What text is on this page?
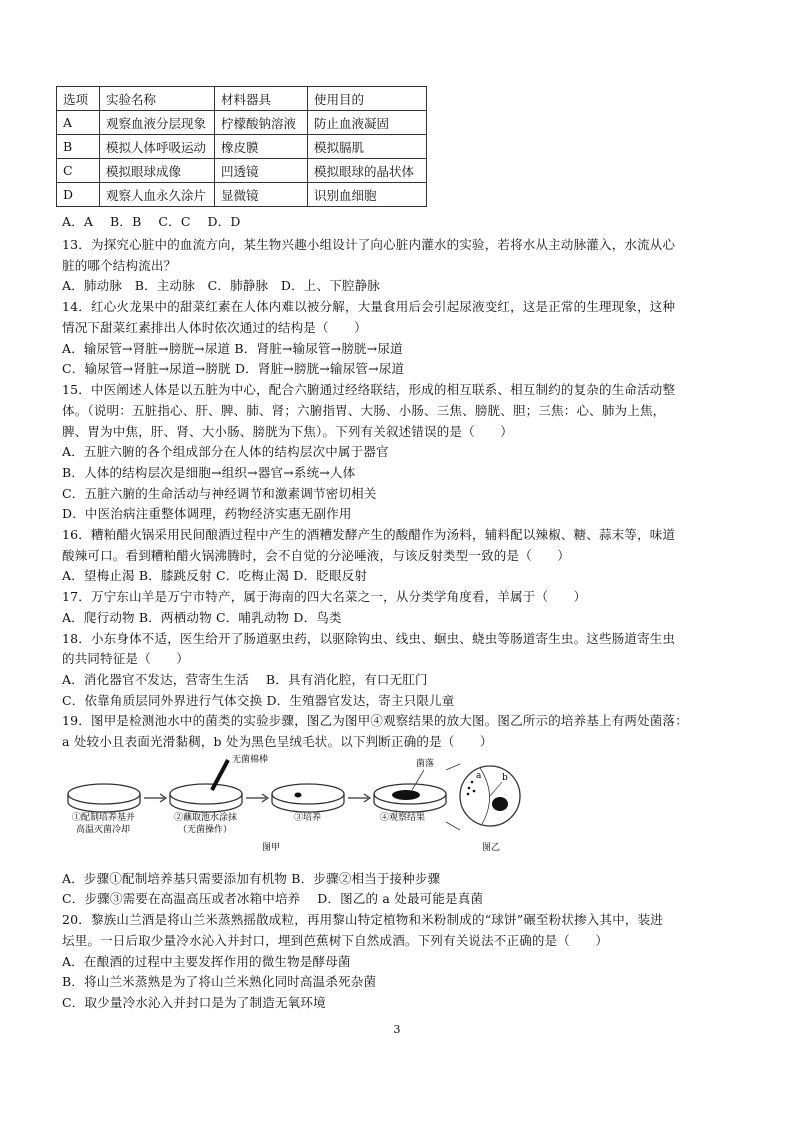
选项	实验名称	材料器具	使用目的
A	观察血液分层现象	柠檬酸钠溶液	防止血液凝固
B	模拟人体呼吸运动	橡皮膜	模拟膈肌
C	模拟眼球成像	凹透镜	模拟眼球的晶状体
D	观察人血永久涂片	显微镜	识别血细胞
A．A　 B．B　 C．C　 D．D
13．为探究心脏中的血流方向，某生物兴趣小组设计了向心脏内灌水的实验，若将水从主动脉灌入，水流从心
脏的哪个结构流出？
A．肺动脉　B．主动脉　C．肺静脉　D．上、下腔静脉
14．红心火龙果中的甜菜红素在人体内难以被分解，大量食用后会引起尿液变红，这是正常的生理现象，这种
情况下甜菜红素排出人体时依次通过的结构是（　　）
A．输尿管→肾脏→膀胱→尿道 B．肾脏→输尿管→膀胱→尿道
C．输尿管→肾脏→尿道→膀胱 D．肾脏→膀胱→输尿管→尿道
15．中医阐述人体是以五脏为中心，配合六腑通过经络联结，形成的相互联系、相互制约的复杂的生命活动整
体。（说明：五脏指心、肝、脾、肺、肾；六腑指胃、大肠、小肠、三焦、膀胱、胆；三焦：心、肺为上焦，
脾、胃为中焦，肝、肾、大小肠、膀胱为下焦）。下列有关叙述错误的是（　　）
A．五脏六腑的各个组成部分在人体的结构层次中属于器官
B．人体的结构层次是细胞→组织→器官→系统→人体
C．五脏六腑的生命活动与神经调节和激素调节密切相关
D．中医治病注重整体调理，药物经济实惠无副作用
16．糟粕醋火锅采用民间酿酒过程中产生的酒糟发酵产生的酸醋作为汤料，辅料配以辣椒、糖、蒜末等，味道
酸辣可口。看到糟粕醋火锅沸腾时，会不自觉的分泌唾液，与该反射类型一致的是（　　）
A．望梅止渴 B．膝跳反射 C．吃梅止渴 D．眨眼反射
17．万宁东山羊是万宁市特产，属于海南的四大名菜之一，从分类学角度看，羊属于（　　）
A．爬行动物 B．两栖动物 C．哺乳动物 D．鸟类
18．小东身体不适，医生给开了肠道驱虫药，以驱除钩虫、线虫、蛔虫、蛲虫等肠道寄生虫。这些肠道寄生虫
的共同特征是（　　）
A．消化器官不发达，营寄生生活　 B．具有消化腔，有口无肛门
C．依靠角质层同外界进行气体交换 D．生殖器官发达，寄主只限儿童
19．图甲是检测池水中的菌类的实验步骤，图乙为图甲④观察结果的放大图。图乙所示的培养基上有两处菌落：
a 处较小且表面光滑黏稠，b 处为黑色呈绒毛状。以下判断正确的是（　　）
①配制培养基并
高温灭菌冷却
无菌棉棒
②蘸取池水涂抹
（无菌操作）
③培养
菌落
④观察结果
a b
图甲	图乙
A．步骤①配制培养基只需要添加有机物 B．步骤②相当于接种步骤
C．步骤③需要在高温高压或者冰箱中培养　 D．图乙的 a 处最可能是真菌
20．黎族山兰酒是将山兰米蒸熟摇散成粒，再用黎山特定植物和米粉制成的“球饼”碾至粉状掺入其中，装进
坛里。一日后取少量冷水沁入并封口，埋到芭蕉树下自然成酒。下列有关说法不正确的是（　　）
A．在酿酒的过程中主要发挥作用的微生物是酵母菌
B．将山兰米蒸熟是为了将山兰米熟化同时高温杀死杂菌
C．取少量冷水沁入并封口是为了制造无氧环境
3
